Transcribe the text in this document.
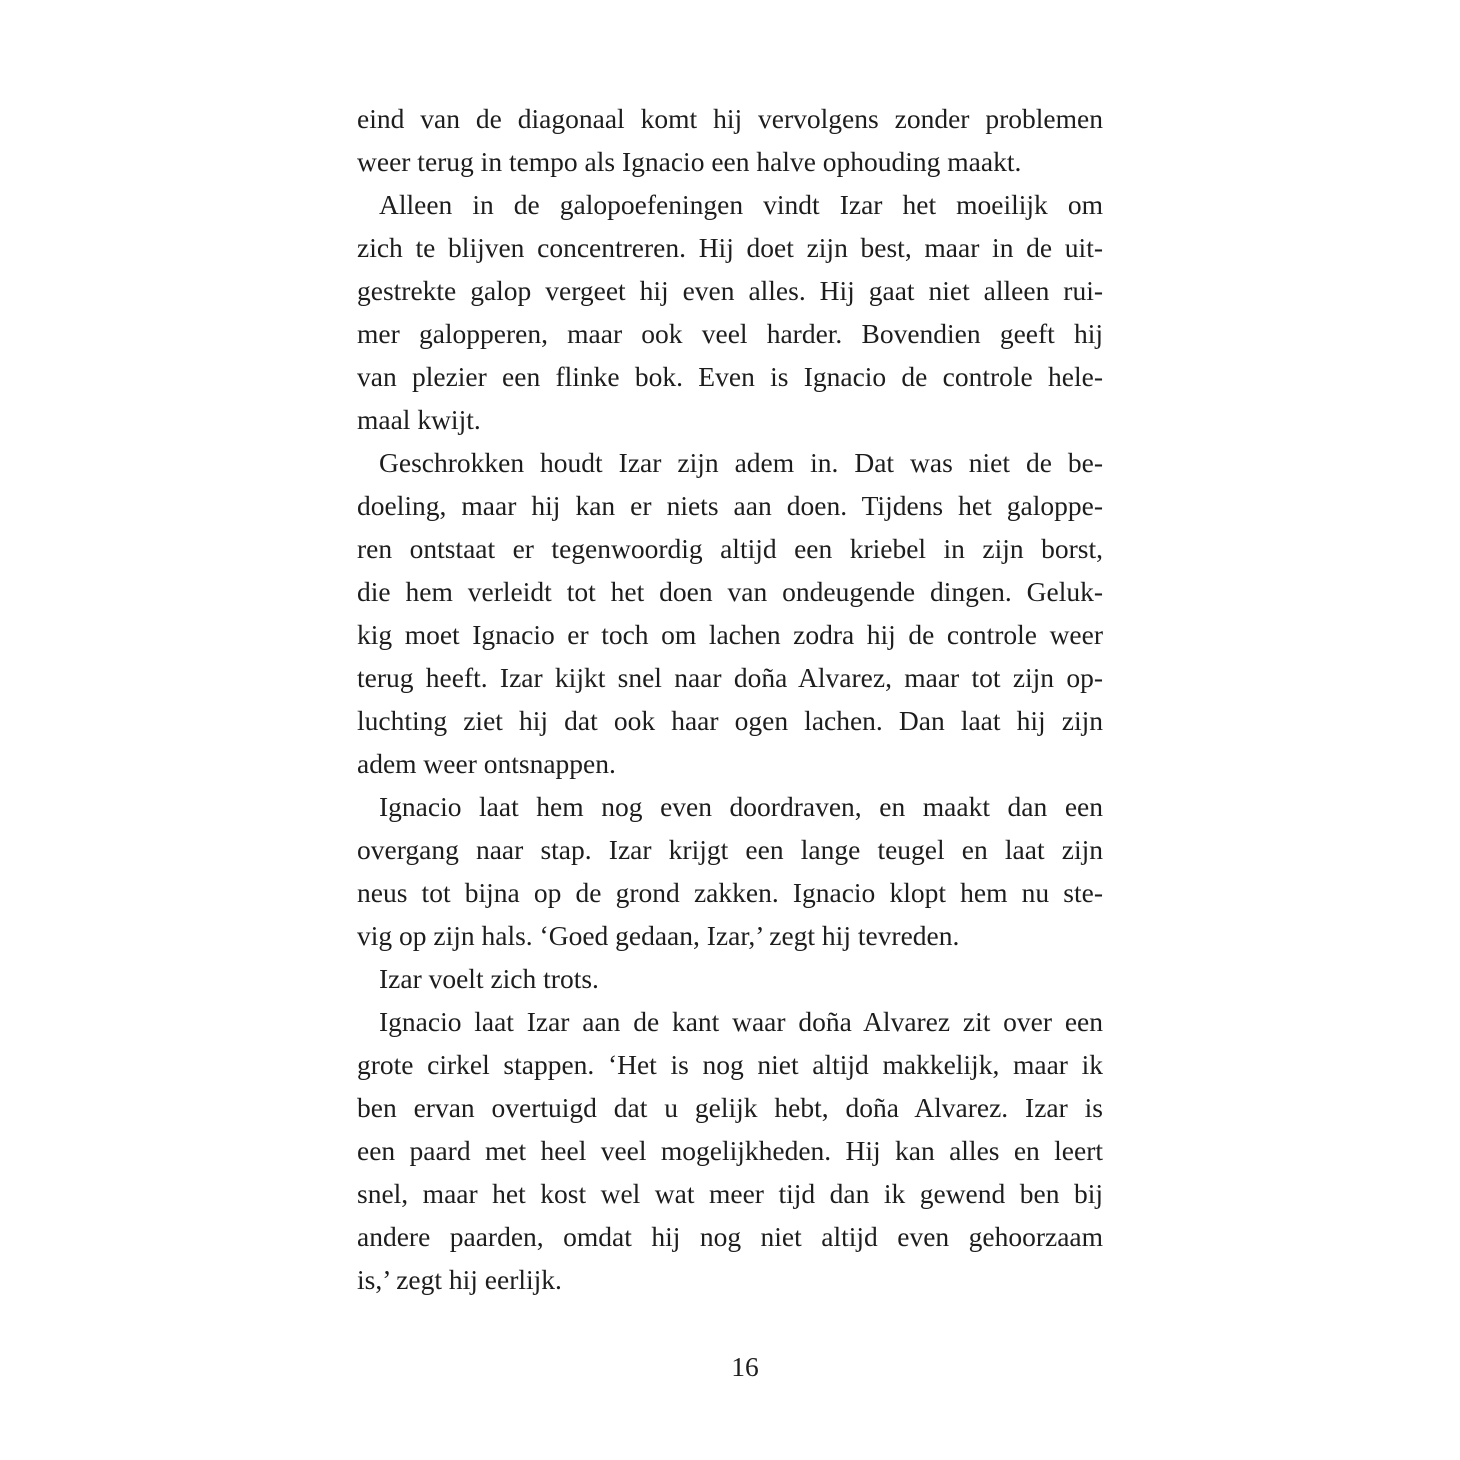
eind van de diagonaal komt hij vervolgens zonder problemen
weer terug in tempo als Ignacio een halve ophouding maakt.
Alleen in de galopoefeningen vindt Izar het moeilijk om
zich te blijven concentreren. Hij doet zijn best, maar in de uit-
gestrekte galop vergeet hij even alles. Hij gaat niet alleen rui-
mer galopperen, maar ook veel harder. Bovendien geeft hij
van plezier een flinke bok. Even is Ignacio de controle hele-
maal kwijt.
Geschrokken houdt Izar zijn adem in. Dat was niet de be-
doeling, maar hij kan er niets aan doen. Tijdens het galoppe-
ren ontstaat er tegenwoordig altijd een kriebel in zijn borst,
die hem verleidt tot het doen van ondeugende dingen. Geluk-
kig moet Ignacio er toch om lachen zodra hij de controle weer
terug heeft. Izar kijkt snel naar doña Alvarez, maar tot zijn op-
luchting ziet hij dat ook haar ogen lachen. Dan laat hij zijn
adem weer ontsnappen.
Ignacio laat hem nog even doordraven, en maakt dan een
overgang naar stap. Izar krijgt een lange teugel en laat zijn
neus tot bijna op de grond zakken. Ignacio klopt hem nu ste-
vig op zijn hals. ‘Goed gedaan, Izar,’ zegt hij tevreden.
Izar voelt zich trots.
Ignacio laat Izar aan de kant waar doña Alvarez zit over een
grote cirkel stappen. ‘Het is nog niet altijd makkelijk, maar ik
ben ervan overtuigd dat u gelijk hebt, doña Alvarez. Izar is
een paard met heel veel mogelijkheden. Hij kan alles en leert
snel, maar het kost wel wat meer tijd dan ik gewend ben bij
andere paarden, omdat hij nog niet altijd even gehoorzaam
is,’ zegt hij eerlijk.
16
